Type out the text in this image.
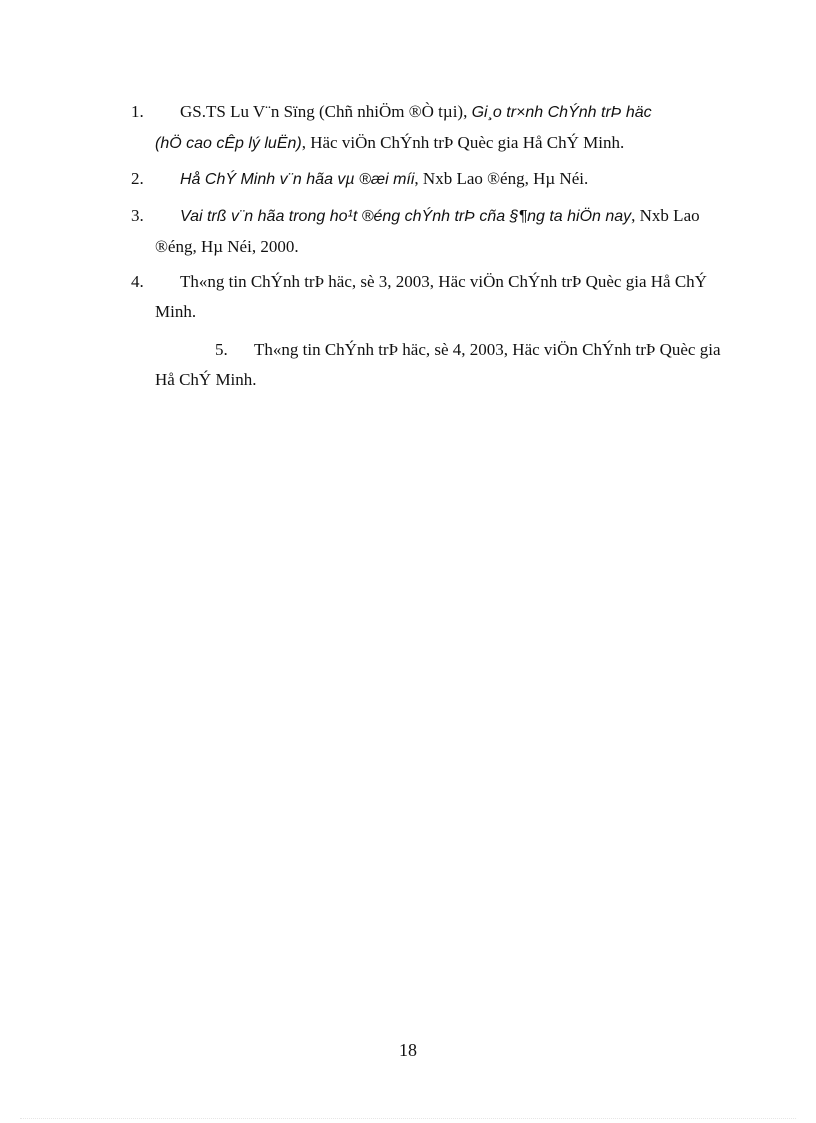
1. GS.TS Lu V¨n Sïng (Chñ nhiÖm ®Ò tµi), Gi¸o tr×nh ChÝnh trÞ häc
(hÖ cao cÊp lý luËn), Häc viÖn ChÝnh trÞ Quèc gia Hå ChÝ Minh.
2. Hå ChÝ Minh v¨n hãa vµ ®æi míi, Nxb Lao ®éng, Hµ Néi.
3. Vai trß v¨n hãa trong ho¹t ®éng chÝnh trÞ cña §¶ng ta hiÖn nay, Nxb Lao
®éng, Hµ Néi, 2000.
4. Th«ng tin ChÝnh trÞ häc, sè 3, 2003, Häc viÖn ChÝnh trÞ Quèc gia Hå ChÝ
Minh.
5. Th«ng tin ChÝnh trÞ häc, sè 4, 2003, Häc viÖn ChÝnh trÞ Quèc gia
Hå ChÝ Minh.
18
